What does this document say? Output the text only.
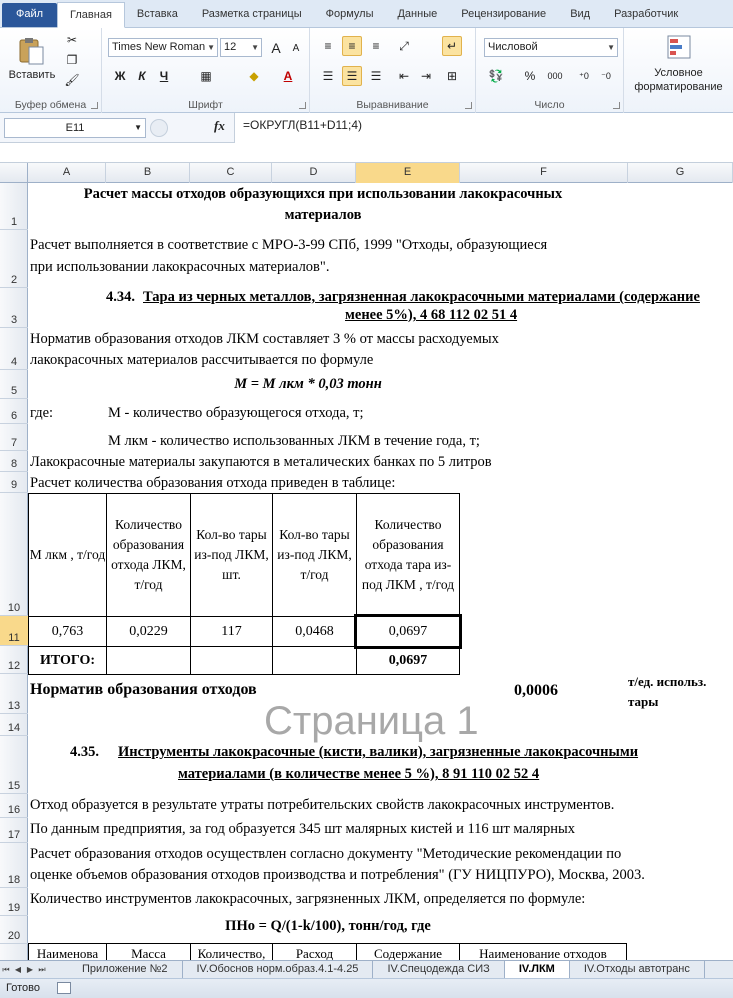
Файл	Главная	Вставка	Разметка страницы	Формулы	Данные	Рецензирование	Вид	Разработчик
Вставить
✂
❐
🖌
Буфер обмена
Times New Roman ▼ 12 ▼ A	A
Ж	К	Ч	▦	◆	A
Шрифт
≡	≡	≡	⤢	↵
☰	☰	☰	⇤ ⇥	⊞
Выравнивание
Числовой	▼
💱	%	000	⁺0	⁻0
Число
Условное
форматирование
E11	▼	fx	=ОКРУГЛ(B11+D11;4)
A	B	C	D	E	F	G
1
2
3
4
5
6
7
8
9
10
11
12
13
14
15
16
17
18
19
20
Расчет массы отходов образующихся при использовании лакокрасочных
материалов
Расчет выполняется в соответствие с МРО-3-99 СПб, 1999 "Отходы, образующиеся
при использовании лакокрасочных материалов".
4.34. Тара из черных металлов, загрязненная лакокрасочными материалами (содержание
менее 5%), 4 68 112 02 51 4
Норматив образования отходов ЛКМ составляет 3 % от массы расходуемых
лакокрасочных материалов рассчитывается по формуле
М = М лкм * 0,03 тонн
где:	М - количество образующегося отхода, т;
М лкм - количество использованных ЛКМ в течение года, т;
Лакокрасочные материалы закупаются в металических банках по 5 литров
Расчет количества образования отхода приведен в таблице:
М лкм , т/год
Количество образования отхода ЛКМ, т/год
Кол-во тары из-под ЛКМ, шт.
Кол-во тары из-под ЛКМ, т/год
Количество образования отхода тара из-под ЛКМ , т/год
0,763	0,0229	117	0,0468	0,0697
ИТОГО:	0,0697
Норматив образования отходов	0,0006
т/ед. использ.
тары
Страница 1
4.35. Инструменты лакокрасочные (кисти, валики), загрязненные лакокрасочными
материалами (в количестве менее 5 %), 8 91 110 02 52 4
Отход образуется в результате утраты потребительских свойств лакокрасочных инструментов.
По данным предприятия, за год образуется 345 шт малярных кистей и 116 шт малярных
Расчет образования отходов осуществлен согласно документу "Методические рекомендации по
оценке объемов образования отходов производства и потребления" (ГУ НИЦПУРО), Москва, 2003.
Количество инструментов лакокрасочных, загрязненных ЛКМ, определяется по формуле:
ПНо = Q/(1-k/100), тонн/год, где
Наименова	Масса	Количество,	Расход	Содержание	Наименование отходов
⏮ ◀ ▶ ⏭	Приложение №2	IV.Обоснов норм.образ.4.1-4.25	IV.Спецодежда СИЗ	IV.ЛКМ	IV.Отходы автотранс
Готово
